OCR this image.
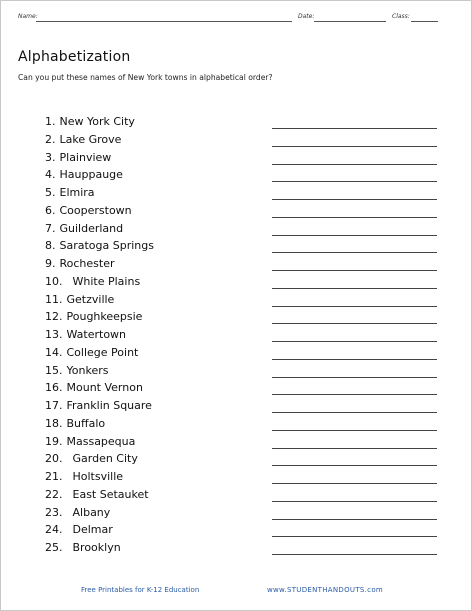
Name:	Date:	Class:
Alphabetization
Can you put these names of New York towns in alphabetical order?
1. New York City
2. Lake Grove
3. Plainview
4. Hauppauge
5. Elmira
6. Cooperstown
7. Guilderland
8. Saratoga Springs
9. Rochester
10. White Plains
11. Getzville
12. Poughkeepsie
13. Watertown
14. College Point
15. Yonkers
16. Mount Vernon
17. Franklin Square
18. Buffalo
19. Massapequa
20. Garden City
21. Holtsville
22. East Setauket
23. Albany
24. Delmar
25. Brooklyn
Free Printables for K-12 Education	www.STUDENTHANDOUTS.com
